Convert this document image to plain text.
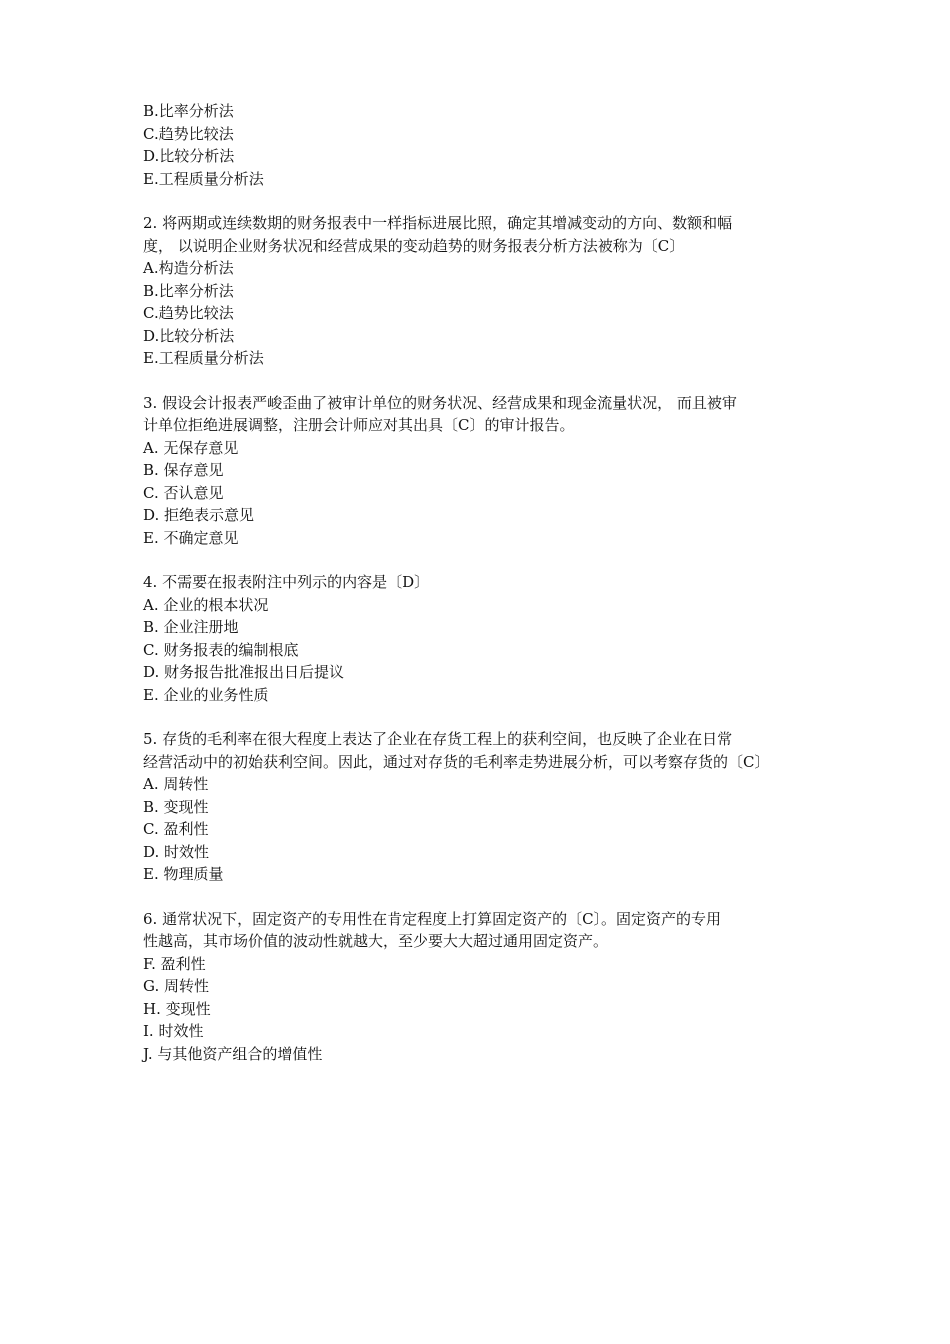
B.比率分析法

C.趋势比较法

D.比较分析法

E.工程质量分析法

2. 将两期或连续数期的财务报表中一样指标进展比照，确定其增减变动的方向、数额和幅

度， 以说明企业财务状况和经营成果的变动趋势的财务报表分析方法被称为〔C〕

A.构造分析法

B.比率分析法

C.趋势比较法

D.比较分析法

E.工程质量分析法

3. 假设会计报表严峻歪曲了被审计单位的财务状况、经营成果和现金流量状况， 而且被审

计单位拒绝进展调整，注册会计师应对其出具〔C〕的审计报告。

A. 无保存意见

B. 保存意见

C. 否认意见

D. 拒绝表示意见

E. 不确定意见

4. 不需要在报表附注中列示的内容是〔D〕

A. 企业的根本状况

B. 企业注册地

C. 财务报表的编制根底

D. 财务报告批准报出日后提议

E. 企业的业务性质

5. 存货的毛利率在很大程度上表达了企业在存货工程上的获利空间，也反映了企业在日常

经营活动中的初始获利空间。因此，通过对存货的毛利率走势进展分析，可以考察存货的〔C〕

A. 周转性

B. 变现性

C. 盈利性

D. 时效性

E. 物理质量

6. 通常状况下，固定资产的专用性在肯定程度上打算固定资产的〔C〕。固定资产的专用

性越高，其市场价值的波动性就越大，至少要大大超过通用固定资产。

F. 盈利性

G. 周转性

H. 变现性

I. 时效性

J. 与其他资产组合的增值性
